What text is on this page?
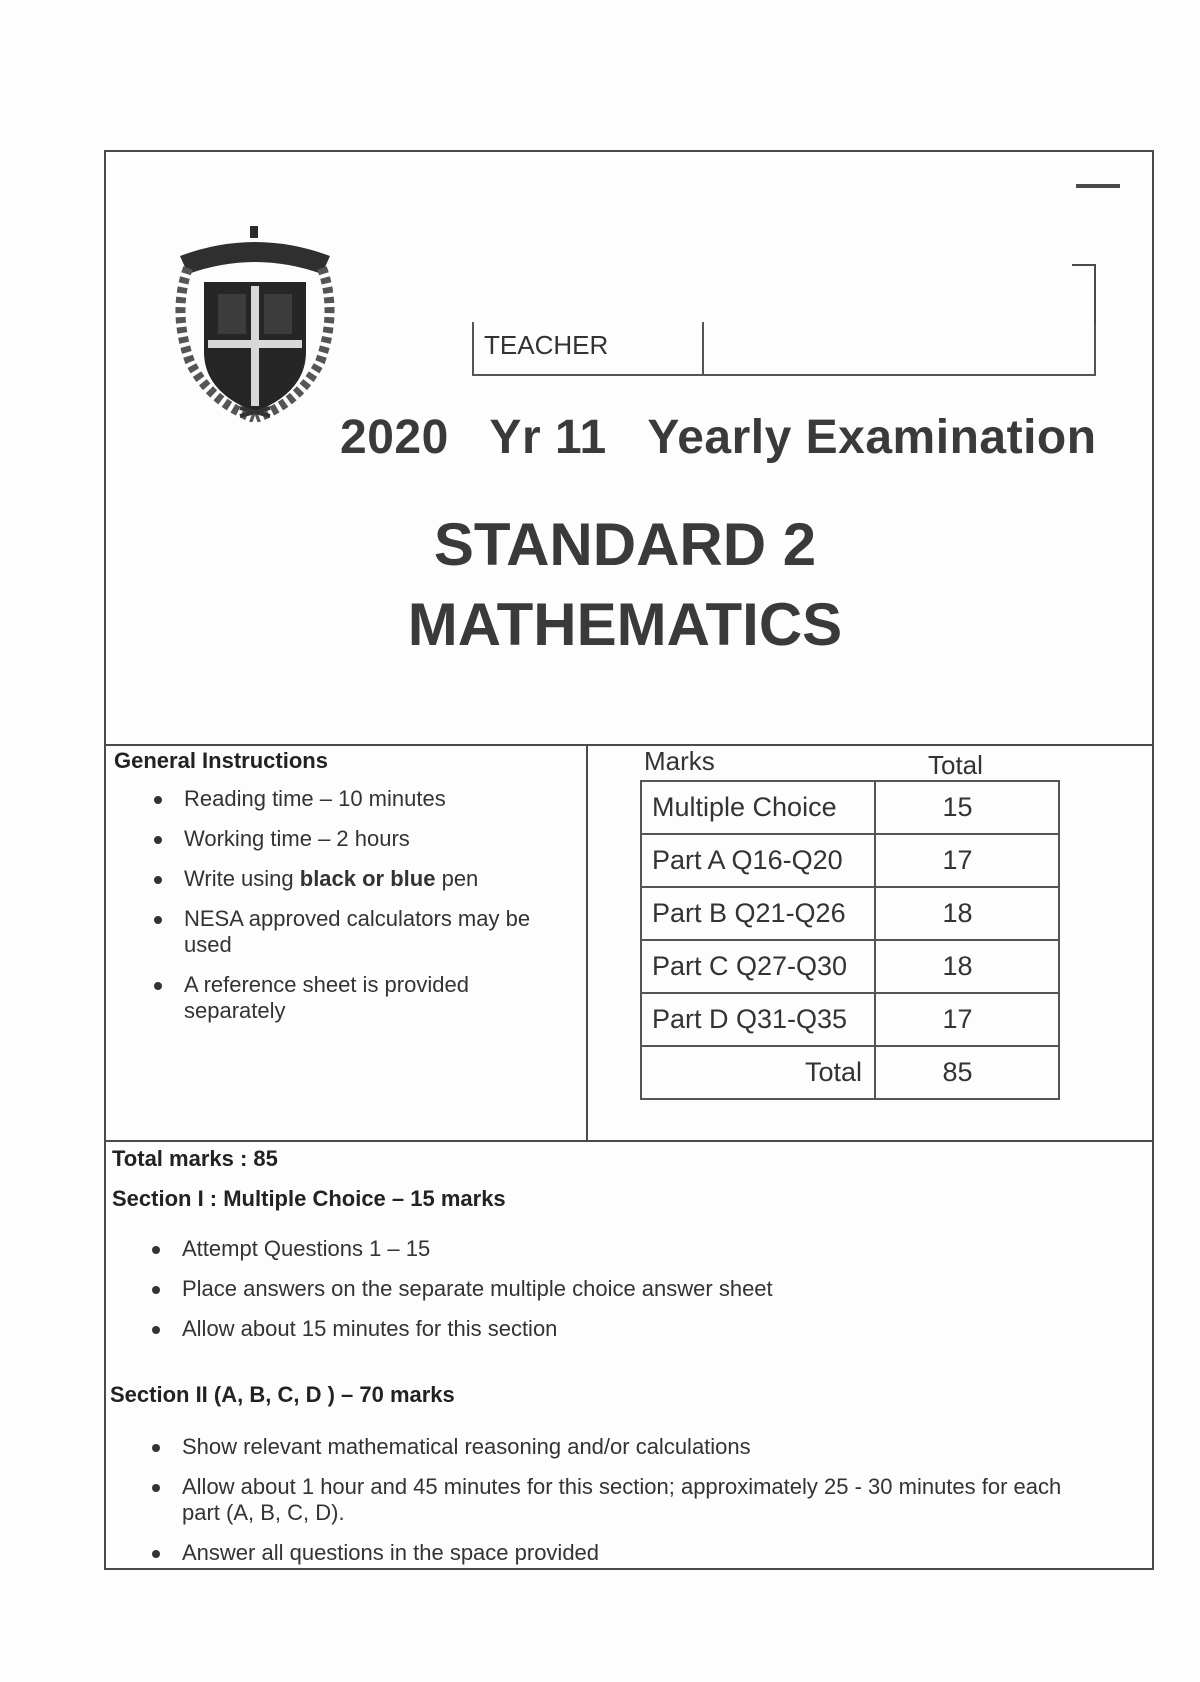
TEACHER
2020   Yr 11   Yearly Examination
STANDARD 2
MATHEMATICS
General Instructions
Reading time – 10 minutes
Working time – 2 hours
Write using black or blue pen
NESA approved calculators may be used
A reference sheet is provided separately
Marks	Total
Multiple Choice	15
Part A Q16-Q20	17
Part B Q21-Q26	18
Part C Q27-Q30	18
Part D Q31-Q35	17
Total	85
Total marks : 85
Section I : Multiple Choice – 15 marks
Attempt Questions 1 – 15
Place answers on the separate multiple choice answer sheet
Allow about 15 minutes for this section
Section II (A, B, C, D ) – 70 marks
Show relevant mathematical reasoning and/or calculations
Allow about 1 hour and 45 minutes for this section; approximately 25 - 30 minutes for each part (A, B, C, D).
Answer all questions in the space provided
